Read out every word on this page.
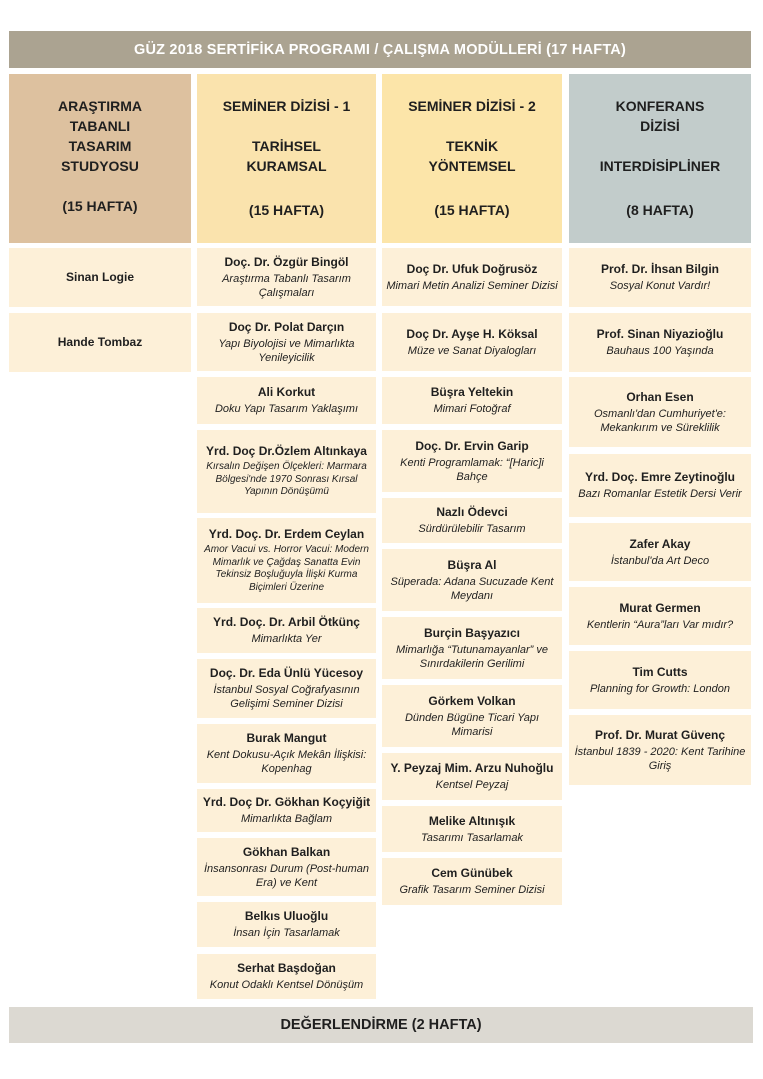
GÜZ 2018 SERTİFİKA PROGRAMI / ÇALIŞMA MODÜLLERİ (17 HAFTA)
ARAŞTIRMA
TABANLI
TASARIM
STUDYOSU
(15 HAFTA)
Sinan Logie
Hande Tombaz
SEMİNER DİZİSİ - 1
TARİHSEL
KURAMSAL
(15 HAFTA)
Doç. Dr. Özgür Bingöl
Araştırma Tabanlı Tasarım Çalışmaları
Doç Dr. Polat Darçın
Yapı Biyolojisi ve Mimarlıkta Yenileyicilik
Ali Korkut
Doku Yapı Tasarım Yaklaşımı
Yrd. Doç Dr.Özlem Altınkaya
Kırsalın Değişen Ölçekleri: Marmara Bölgesi'nde 1970 Sonrası Kırsal Yapının Dönüşümü
Yrd. Doç. Dr. Erdem Ceylan
Amor Vacui vs. Horror Vacui: Modern Mimarlık ve Çağdaş Sanatta Evin Tekinsiz Boşluğuyla İlişki Kurma Biçimleri Üzerine
Yrd. Doç. Dr. Arbil Ötkünç
Mimarlıkta Yer
Doç. Dr. Eda Ünlü Yücesoy
İstanbul Sosyal Coğrafyasının Gelişimi Seminer Dizisi
Burak Mangut
Kent Dokusu-Açık Mekân İlişkisi: Kopenhag
Yrd. Doç Dr. Gökhan Koçyiğit
Mimarlıkta Bağlam
Gökhan Balkan
İnsansonrası Durum (Post-human Era) ve Kent
Belkıs Uluoğlu
İnsan İçin Tasarlamak
Serhat Başdoğan
Konut Odaklı Kentsel Dönüşüm
SEMİNER DİZİSİ - 2
TEKNİK
YÖNTEMSEL
(15 HAFTA)
Doç Dr. Ufuk Doğrusöz
Mimari Metin Analizi Seminer Dizisi
Doç Dr. Ayşe H. Köksal
Müze ve Sanat Diyalogları
Büşra Yeltekin
Mimari Fotoğraf
Doç. Dr. Ervin Garip
Kenti Programlamak: “[Haric]i Bahçe
Nazlı Ödevci
Sürdürülebilir Tasarım
Büşra Al
Süperada: Adana Sucuzade Kent Meydanı
Burçin Başyazıcı
Mimarlığa “Tutunamayanlar” ve Sınırdakilerin Gerilimi
Görkem Volkan
Dünden Bügüne Ticari Yapı Mimarisi
Y. Peyzaj Mim. Arzu Nuhoğlu
Kentsel Peyzaj
Melike Altınışık
Tasarımı Tasarlamak
Cem Günübek
Grafik Tasarım Seminer Dizisi
KONFERANS
DİZİSİ
INTERDİSİPLİNER
(8 HAFTA)
Prof. Dr. İhsan Bilgin
Sosyal Konut Vardır!
Prof. Sinan Niyazioğlu
Bauhaus 100 Yaşında
Orhan Esen
Osmanlı'dan Cumhuriyet'e: Mekankırım ve Süreklilik
Yrd. Doç. Emre Zeytinoğlu
Bazı Romanlar Estetik Dersi Verir
Zafer Akay
İstanbul'da Art Deco
Murat Germen
Kentlerin “Aura”ları Var mıdır?
Tim Cutts
Planning for Growth: London
Prof. Dr. Murat Güvenç
İstanbul 1839 - 2020: Kent Tarihine Giriş
DEĞERLENDİRME (2 HAFTA)
